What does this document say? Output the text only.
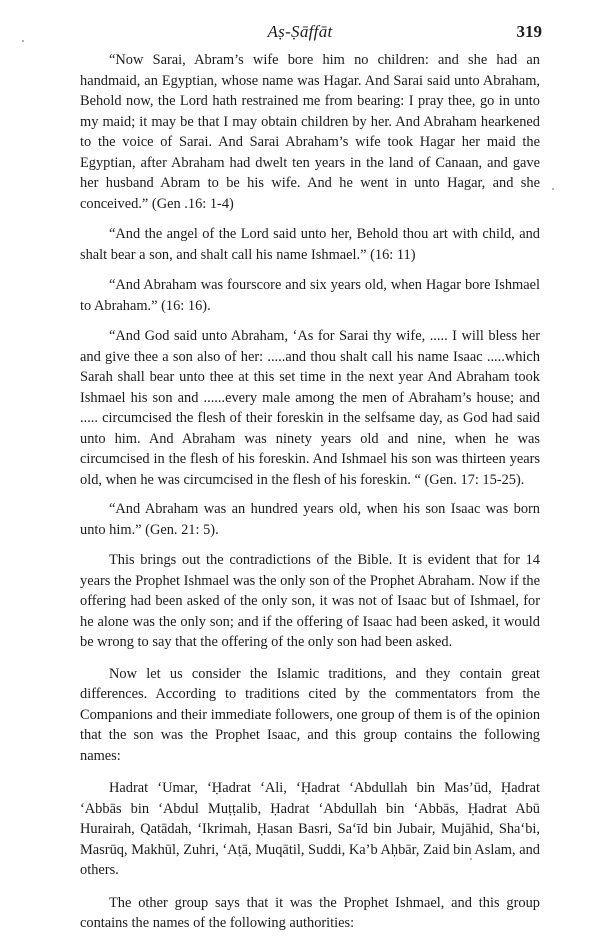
Aṣ-Ṣāffāt	319

“Now Sarai, Abram’s wife bore him no children: and she had an handmaid, an Egyptian, whose name was Hagar. And Sarai said unto Abraham, Behold now, the Lord hath restrained me from bearing: I pray thee, go in unto my maid; it may be that I may obtain children by her. And Abraham hearkened to the voice of Sarai. And Sarai Abraham’s wife took Hagar her maid the Egyptian, after Abraham had dwelt ten years in the land of Canaan, and gave her husband Abram to be his wife. And he went in unto Hagar, and she conceived.” (Gen .16: 1-4)

“And the angel of the Lord said unto her, Behold thou art with child, and shalt bear a son, and shalt call his name Ishmael.” (16: 11)

“And Abraham was fourscore and six years old, when Hagar bore Ishmael to Abraham.” (16: 16).

“And God said unto Abraham, ‘As for Sarai thy wife, ..... I will bless her and give thee a son also of her: .....and thou shalt call his name Isaac .....which Sarah shall bear unto thee at this set time in the next year And Abraham took Ishmael his son and ......every male among the men of Abraham’s house; and ..... circumcised the flesh of their foreskin in the selfsame day, as God had said unto him. And Abraham was ninety years old and nine, when he was circumcised in the flesh of his foreskin. And Ishmael his son was thirteen years old, when he was circumcised in the flesh of his foreskin. “ (Gen. 17: 15-25).

“And Abraham was an hundred years old, when his son Isaac was born unto him.” (Gen. 21: 5).

This brings out the contradictions of the Bible. It is evident that for 14 years the Prophet Ishmael was the only son of the Prophet Abraham. Now if the offering had been asked of the only son, it was not of Isaac but of Ishmael, for he alone was the only son; and if the offering of Isaac had been asked, it would be wrong to say that the offering of the only son had been asked.

Now let us consider the Islamic traditions, and they contain great differences. According to traditions cited by the commentators from the Companions and their immediate followers, one group of them is of the opinion that the son was the Prophet Isaac, and this group contains the following names:

Hadrat ‘Umar, ‘Ḥadrat ‘Ali, ‘Ḥadrat ‘Abdullah bin Mas’ūd, Ḥadrat ‘Abbās bin ‘Abdul Muṭṭalib, Ḥadrat ‘Abdullah bin ‘Abbās, Ḥadrat Abū Hurairah, Qatādah, ‘Ikrimah, Ḥasan Basri, Sa‘īd bin Jubair, Mujāhid, Sha‘bi, Masrūq, Makhūl, Zuhri, ‘Aṭā, Muqātil, Suddi, Ka’b Aḥbār, Zaid bin Aslam, and others.

The other group says that it was the Prophet Ishmael, and this group contains the names of the following authorities:
